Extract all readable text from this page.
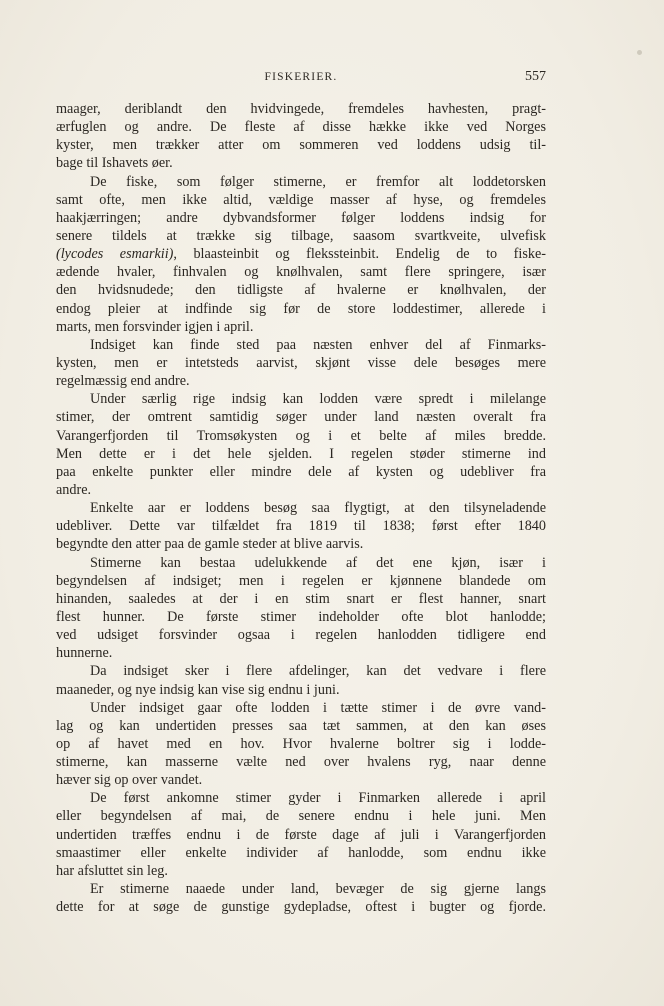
FISKERIER.	557
maager, deriblandt den hvidvingede, fremdeles havhesten, pragt-
ærfuglen og andre. De fleste af disse hække ikke ved Norges
kyster, men trækker atter om sommeren ved loddens udsig til-
bage til Ishavets øer.
De fiske, som følger stimerne, er fremfor alt loddetorsken
samt ofte, men ikke altid, vældige masser af hyse, og fremdeles
haakjærringen; andre dybvandsformer følger loddens indsig for
senere tildels at trække sig tilbage, saasom svartkveite, ulvefisk
(lycodes esmarkii), blaasteinbit og flekssteinbit. Endelig de to fiske-
ædende hvaler, finhvalen og knølhvalen, samt flere springere, især
den hvidsnudede; den tidligste af hvalerne er knølhvalen, der
endog pleier at indfinde sig før de store loddestimer, allerede i
marts, men forsvinder igjen i april.
Indsiget kan finde sted paa næsten enhver del af Finmarks-
kysten, men er intetsteds aarvist, skjønt visse dele besøges mere
regelmæssig end andre.
Under særlig rige indsig kan lodden være spredt i milelange
stimer, der omtrent samtidig søger under land næsten overalt fra
Varangerfjorden til Tromsøkysten og i et belte af miles bredde.
Men dette er i det hele sjelden. I regelen støder stimerne ind
paa enkelte punkter eller mindre dele af kysten og udebliver fra
andre.
Enkelte aar er loddens besøg saa flygtigt, at den tilsyneladende
udebliver. Dette var tilfældet fra 1819 til 1838; først efter 1840
begyndte den atter paa de gamle steder at blive aarvis.
Stimerne kan bestaa udelukkende af det ene kjøn, især i
begyndelsen af indsiget; men i regelen er kjønnene blandede om
hinanden, saaledes at der i en stim snart er flest hanner, snart
flest hunner. De første stimer indeholder ofte blot hanlodde;
ved udsiget forsvinder ogsaa i regelen hanlodden tidligere end
hunnerne.
Da indsiget sker i flere afdelinger, kan det vedvare i flere
maaneder, og nye indsig kan vise sig endnu i juni.
Under indsiget gaar ofte lodden i tætte stimer i de øvre vand-
lag og kan undertiden presses saa tæt sammen, at den kan øses
op af havet med en hov. Hvor hvalerne boltrer sig i lodde-
stimerne, kan masserne vælte ned over hvalens ryg, naar denne
hæver sig op over vandet.
De først ankomne stimer gyder i Finmarken allerede i april
eller begyndelsen af mai, de senere endnu i hele juni. Men
undertiden træffes endnu i de første dage af juli i Varangerfjorden
smaastimer eller enkelte individer af hanlodde, som endnu ikke
har afsluttet sin leg.
Er stimerne naaede under land, bevæger de sig gjerne langs
dette for at søge de gunstige gydepladse, oftest i bugter og fjorde.
